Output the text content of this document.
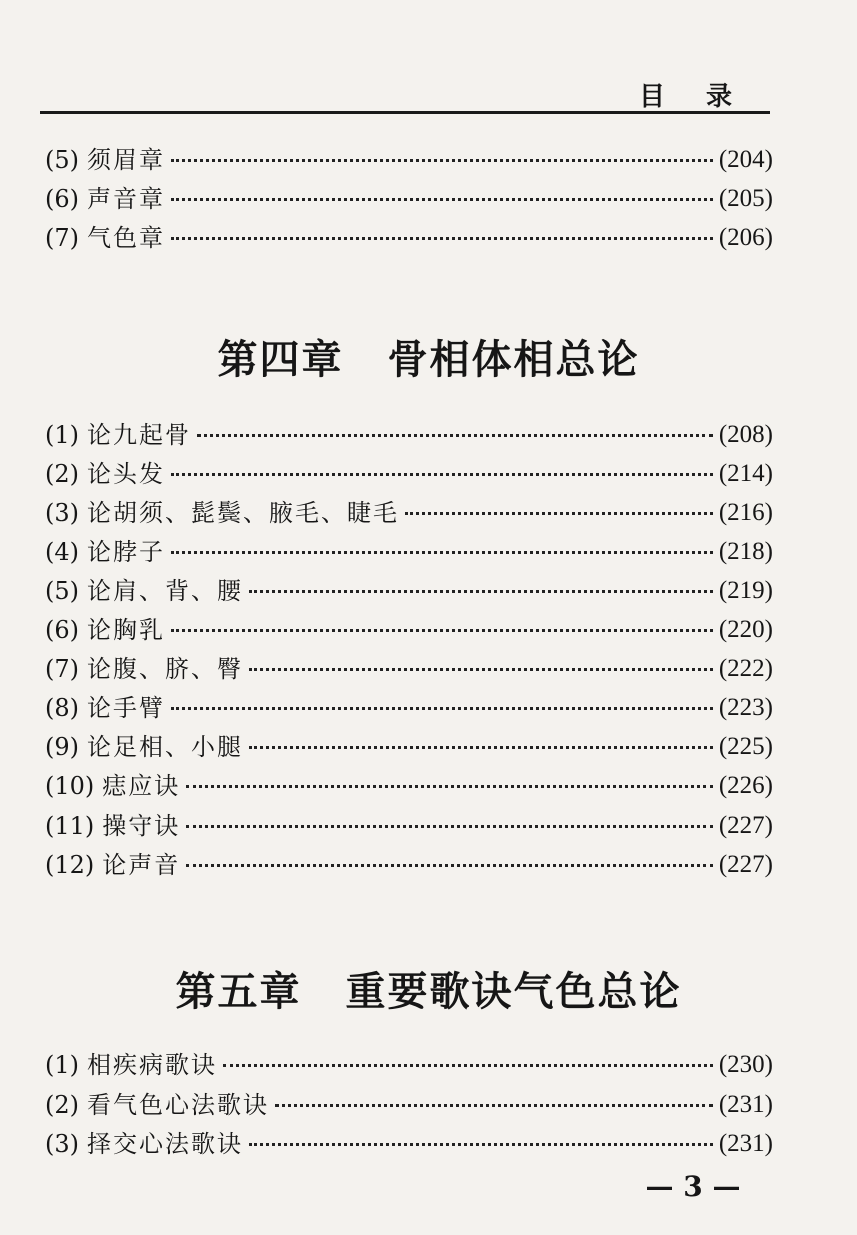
目 录
(5) 须眉章	(204)
(6) 声音章	(205)
(7) 气色章	(206)
第四章 骨相体相总论
(1) 论九起骨	(208)
(2) 论头发	(214)
(3) 论胡须、髭鬓、腋毛、睫毛	(216)
(4) 论脖子	(218)
(5) 论肩、背、腰	(219)
(6) 论胸乳	(220)
(7) 论腹、脐、臀	(222)
(8) 论手臂	(223)
(9) 论足相、小腿	(225)
(10) 痣应诀	(226)
(11) 操守诀	(227)
(12) 论声音	(227)
第五章 重要歌诀气色总论
(1) 相疾病歌诀	(230)
(2) 看气色心法歌诀	(231)
(3) 择交心法歌诀	(231)
— 3 —
